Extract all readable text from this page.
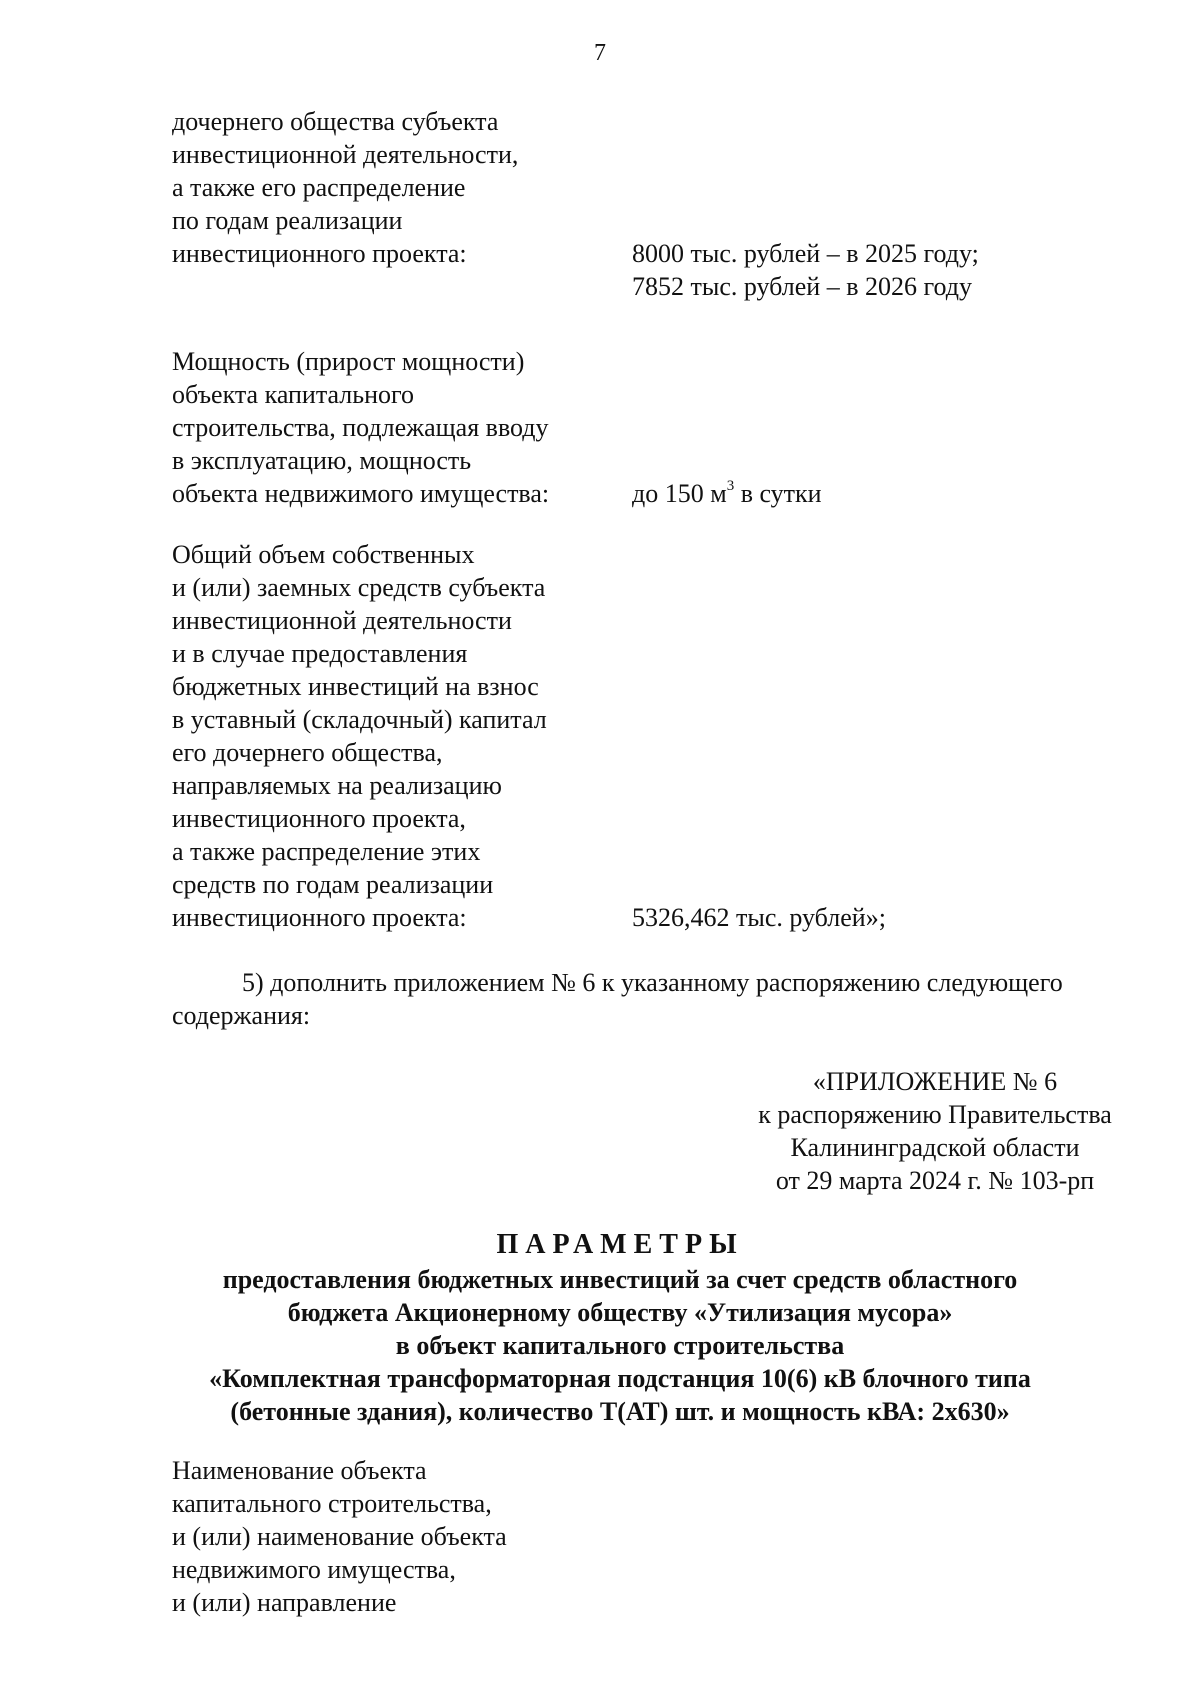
7
дочернего общества субъекта
инвестиционной деятельности,
а также его распределение
по годам реализации
инвестиционного проекта:	8000 тыс. рублей – в 2025 году;
7852 тыс. рублей – в 2026 году
Мощность (прирост мощности)
объекта капитального
строительства, подлежащая вводу
в эксплуатацию, мощность
объекта недвижимого имущества:	до 150 $м^3$ в сутки
Общий объем собственных
и (или) заемных средств субъекта
инвестиционной деятельности
и в случае предоставления
бюджетных инвестиций на взнос
в уставный (складочный) капитал
его дочернего общества,
направляемых на реализацию
инвестиционного проекта,
а также распределение этих
средств по годам реализации
инвестиционного проекта:	5326,462 тыс. рублей»;
5) дополнить приложением № 6 к указанному распоряжению следующего
содержания:
«ПРИЛОЖЕНИЕ № 6
к распоряжению Правительства
Калининградской области
от 29 марта 2024 г. № 103-рп
ПАРАМЕТРЫ
предоставления бюджетных инвестиций за счет средств областного
бюджета Акционерному обществу «Утилизация мусора»
в объект капитального строительства
«Комплектная трансформаторная подстанция 10(6) кВ блочного типа
(бетонные здания), количество Т(АТ) шт. и мощность кВА: 2х630»
Наименование объекта
капитального строительства,
и (или) наименование объекта
недвижимого имущества,
и (или) направление
